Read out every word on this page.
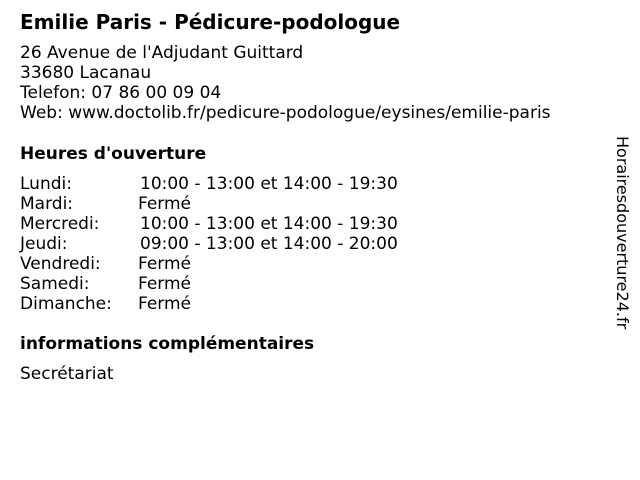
Emilie Paris - Pédicure-podologue
26 Avenue de l'Adjudant Guittard
33680 Lacanau
Telefon: 07 86 00 09 04
Web: www.doctolib.fr/pedicure-podologue/eysines/emilie-paris
Heures d'ouverture
Lundi:	10:00 - 13:00 et 14:00 - 19:30
Mardi:	Fermé
Mercredi: 10:00 - 13:00 et 14:00 - 19:30
Jeudi:	09:00 - 13:00 et 14:00 - 20:00
Vendredi: Fermé
Samedi:	Fermé
Dimanche: Fermé
informations complémentaires
Secrétariat
Horairesdouverture24.fr
